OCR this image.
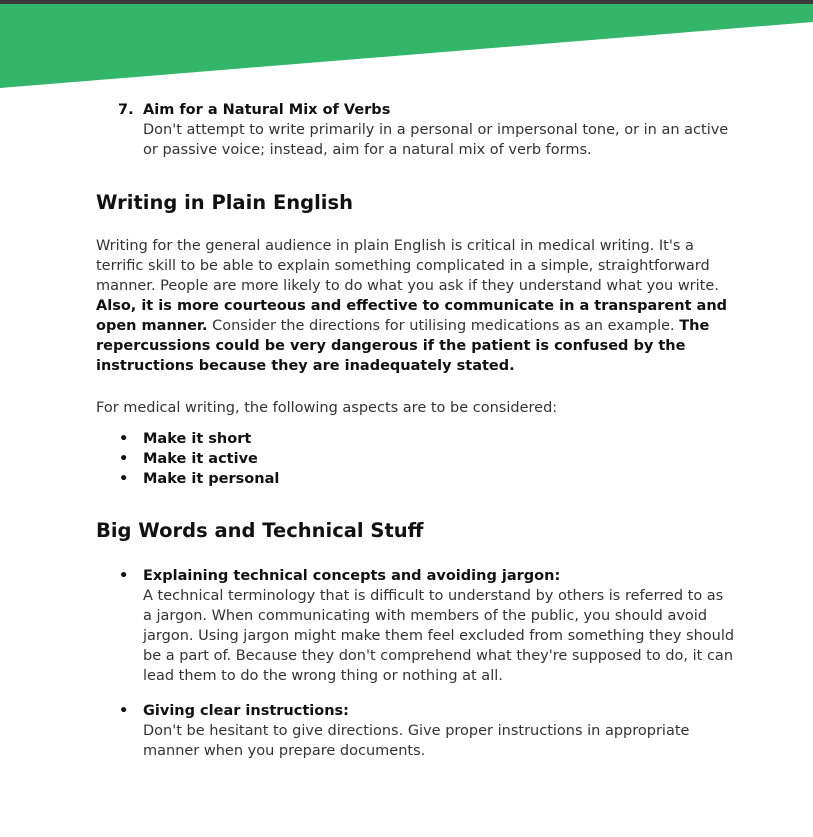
7. Aim for a Natural Mix of Verbs
Don't attempt to write primarily in a personal or impersonal tone, or in an active or passive voice; instead, aim for a natural mix of verb forms.
Writing in Plain English

Writing for the general audience in plain English is critical in medical writing. It's a terrific skill to be able to explain something complicated in a simple, straightforward manner. People are more likely to do what you ask if they understand what you write. Also, it is more courteous and effective to communicate in a transparent and open manner. Consider the directions for utilising medications as an example. The repercussions could be very dangerous if the patient is confused by the instructions because they are inadequately stated.

For medical writing, the following aspects are to be considered:

• Make it short
• Make it active
• Make it personal
Big Words and Technical Stuff
• Explaining technical concepts and avoiding jargon:
A technical terminology that is difficult to understand by others is referred to as a jargon. When communicating with members of the public, you should avoid jargon. Using jargon might make them feel excluded from something they should be a part of. Because they don't comprehend what they're supposed to do, it can lead them to do the wrong thing or nothing at all.
• Giving clear instructions:
Don't be hesitant to give directions. Give proper instructions in appropriate manner when you prepare documents.
